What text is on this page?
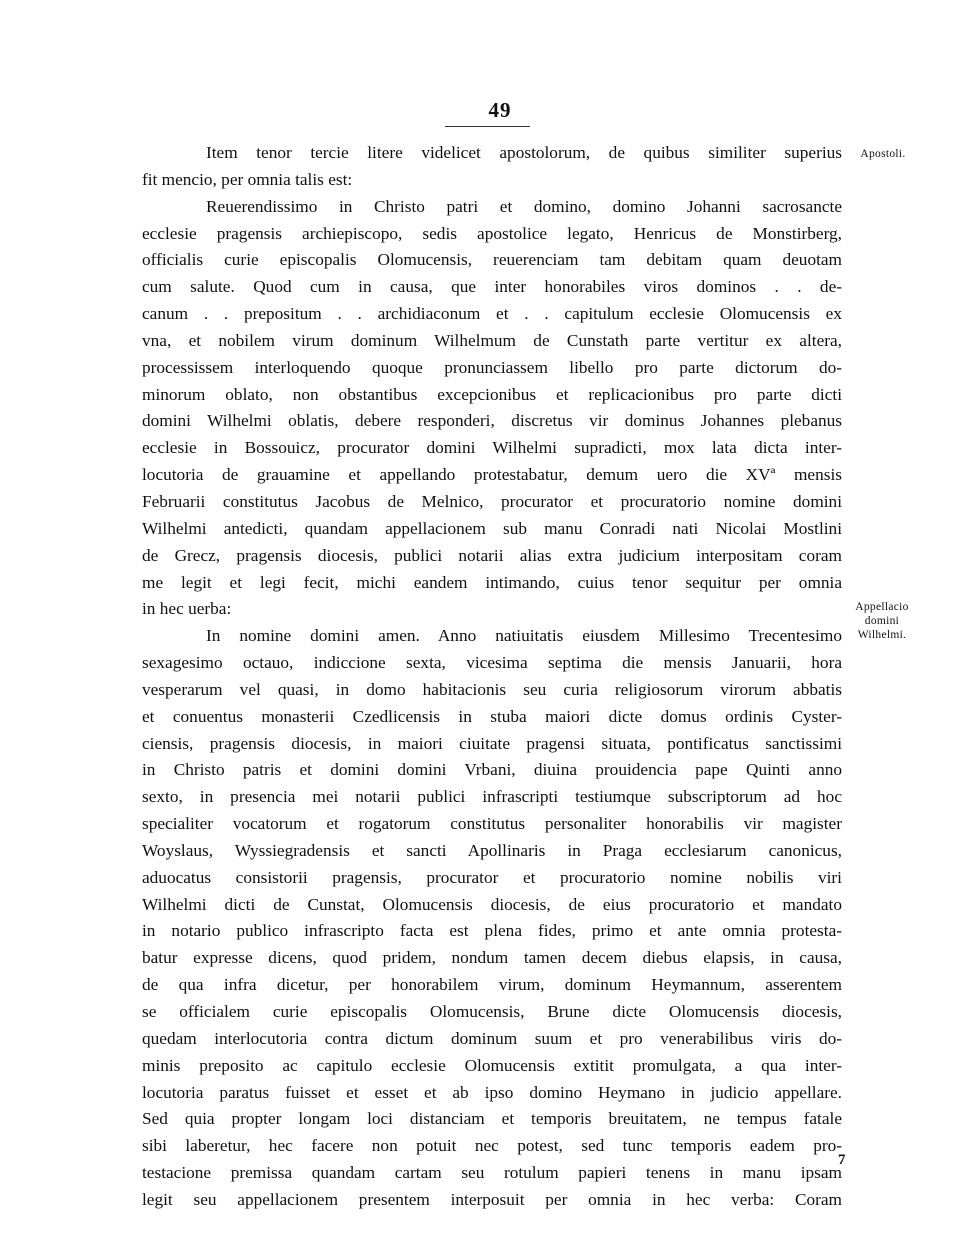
49
Apostoli.
Appellacio
domini
Wilhelmi.
Item tenor tercie litere videlicet apostolorum, de quibus similiter superius
fit mencio, per omnia talis est:
Reuerendissimo in Christo patri et domino, domino Johanni sacrosancte
ecclesie pragensis archiepiscopo, sedis apostolice legato, Henricus de Monstirberg,
officialis curie episcopalis Olomucensis, reuerenciam tam debitam quam deuotam
cum salute. Quod cum in causa, que inter honorabiles viros dominos . . de-
canum . . prepositum . . archidiaconum et . . capitulum ecclesie Olomucensis ex
vna, et nobilem virum dominum Wilhelmum de Cunstath parte vertitur ex altera,
processissem interloquendo quoque pronunciassem libello pro parte dictorum do-
minorum oblato, non obstantibus excepcionibus et replicacionibus pro parte dicti
domini Wilhelmi oblatis, debere responderi, discretus vir dominus Johannes plebanus
ecclesie in Bossouicz, procurator domini Wilhelmi supradicti, mox lata dicta inter-
locutoria de grauamine et appellando protestabatur, demum uero die XVª mensis
Februarii constitutus Jacobus de Melnico, procurator et procuratorio nomine domini
Wilhelmi antedicti, quandam appellacionem sub manu Conradi nati Nicolai Mostlini
de Grecz, pragensis diocesis, publici notarii alias extra judicium interpositam coram
me legit et legi fecit, michi eandem intimando, cuius tenor sequitur per omnia
in hec uerba:
In nomine domini amen. Anno natiuitatis eiusdem Millesimo Trecentesimo
sexagesimo octauo, indiccione sexta, vicesima septima die mensis Januarii, hora
vesperarum vel quasi, in domo habitacionis seu curia religiosorum virorum abbatis
et conuentus monasterii Czedlicensis in stuba maiori dicte domus ordinis Cyster-
ciensis, pragensis diocesis, in maiori ciuitate pragensi situata, pontificatus sanctissimi
in Christo patris et domini domini Vrbani, diuina prouidencia pape Quinti anno
sexto, in presencia mei notarii publici infrascripti testiumque subscriptorum ad hoc
specialiter vocatorum et rogatorum constitutus personaliter honorabilis vir magister
Woyslaus, Wyssiegradensis et sancti Apollinaris in Praga ecclesiarum canonicus,
aduocatus consistorii pragensis, procurator et procuratorio nomine nobilis viri
Wilhelmi dicti de Cunstat, Olomucensis diocesis, de eius procuratorio et mandato
in notario publico infrascripto facta est plena fides, primo et ante omnia protesta-
batur expresse dicens, quod pridem, nondum tamen decem diebus elapsis, in causa,
de qua infra dicetur, per honorabilem virum, dominum Heymannum, asserentem
se officialem curie episcopalis Olomucensis, Brune dicte Olomucensis diocesis,
quedam interlocutoria contra dictum dominum suum et pro venerabilibus viris do-
minis preposito ac capitulo ecclesie Olomucensis extitit promulgata, a qua inter-
locutoria paratus fuisset et esset et ab ipso domino Heymano in judicio appellare.
Sed quia propter longam loci distanciam et temporis breuitatem, ne tempus fatale
sibi laberetur, hec facere non potuit nec potest, sed tunc temporis eadem pro-
testacione premissa quandam cartam seu rotulum papieri tenens in manu ipsam
legit seu appellacionem presentem interposuit per omnia in hec verba: Coram
7
